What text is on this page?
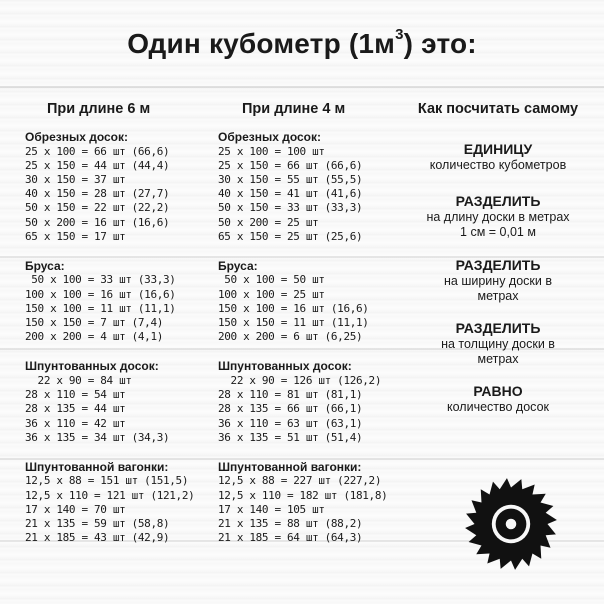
Один кубометр $(1м^3)$ это:
При длине 6 м
Обрезных досок:
25 х 100 = 66 шт (66,6)
25 х 150 = 44 шт (44,4)
30 х 150 = 37 шт
40 х 150 = 28 шт (27,7)
50 х 150 = 22 шт (22,2)
50 х 200 = 16 шт (16,6)
65 х 150 = 17 шт
Бруса:
50 х 100 = 33 шт (33,3)
100 х 100 = 16 шт (16,6)
150 х 100 = 11 шт (11,1)
150 х 150 = 7 шт (7,4)
200 х 200 = 4 шт (4,1)
Шпунтованных досок:
22 х 90 = 84 шт
28 х 110 = 54 шт
28 х 135 = 44 шт
36 х 110 = 42 шт
36 х 135 = 34 шт (34,3)
Шпунтованной вагонки:
12,5 х 88 = 151 шт (151,5)
12,5 х 110 = 121 шт (121,2)
17 х 140 = 70 шт
21 х 135 = 59 шт (58,8)
21 х 185 = 43 шт (42,9)
При длине 4 м
Обрезных досок:
25 х 100 = 100 шт
25 х 150 = 66 шт (66,6)
30 х 150 = 55 шт (55,5)
40 х 150 = 41 шт (41,6)
50 х 150 = 33 шт (33,3)
50 х 200 = 25 шт
65 х 150 = 25 шт (25,6)
Бруса:
50 х 100 = 50 шт
100 х 100 = 25 шт
150 х 100 = 16 шт (16,6)
150 х 150 = 11 шт (11,1)
200 х 200 = 6 шт (6,25)
Шпунтованных досок:
22 х 90 = 126 шт (126,2)
28 х 110 = 81 шт (81,1)
28 х 135 = 66 шт (66,1)
36 х 110 = 63 шт (63,1)
36 х 135 = 51 шт (51,4)
Шпунтованной вагонки:
12,5 х 88 = 227 шт (227,2)
12,5 х 110 = 182 шт (181,8)
17 х 140 = 105 шт
21 х 135 = 88 шт (88,2)
21 х 185 = 64 шт (64,3)
Как посчитать самому
ЕДИНИЦУ
количество кубометров
РАЗДЕЛИТЬ
на длину доски в метрах
1 см = 0,01 м
РАЗДЕЛИТЬ
на ширину доски в
метрах
РАЗДЕЛИТЬ
на толщину доски в
метрах
РАВНО
количество досок
